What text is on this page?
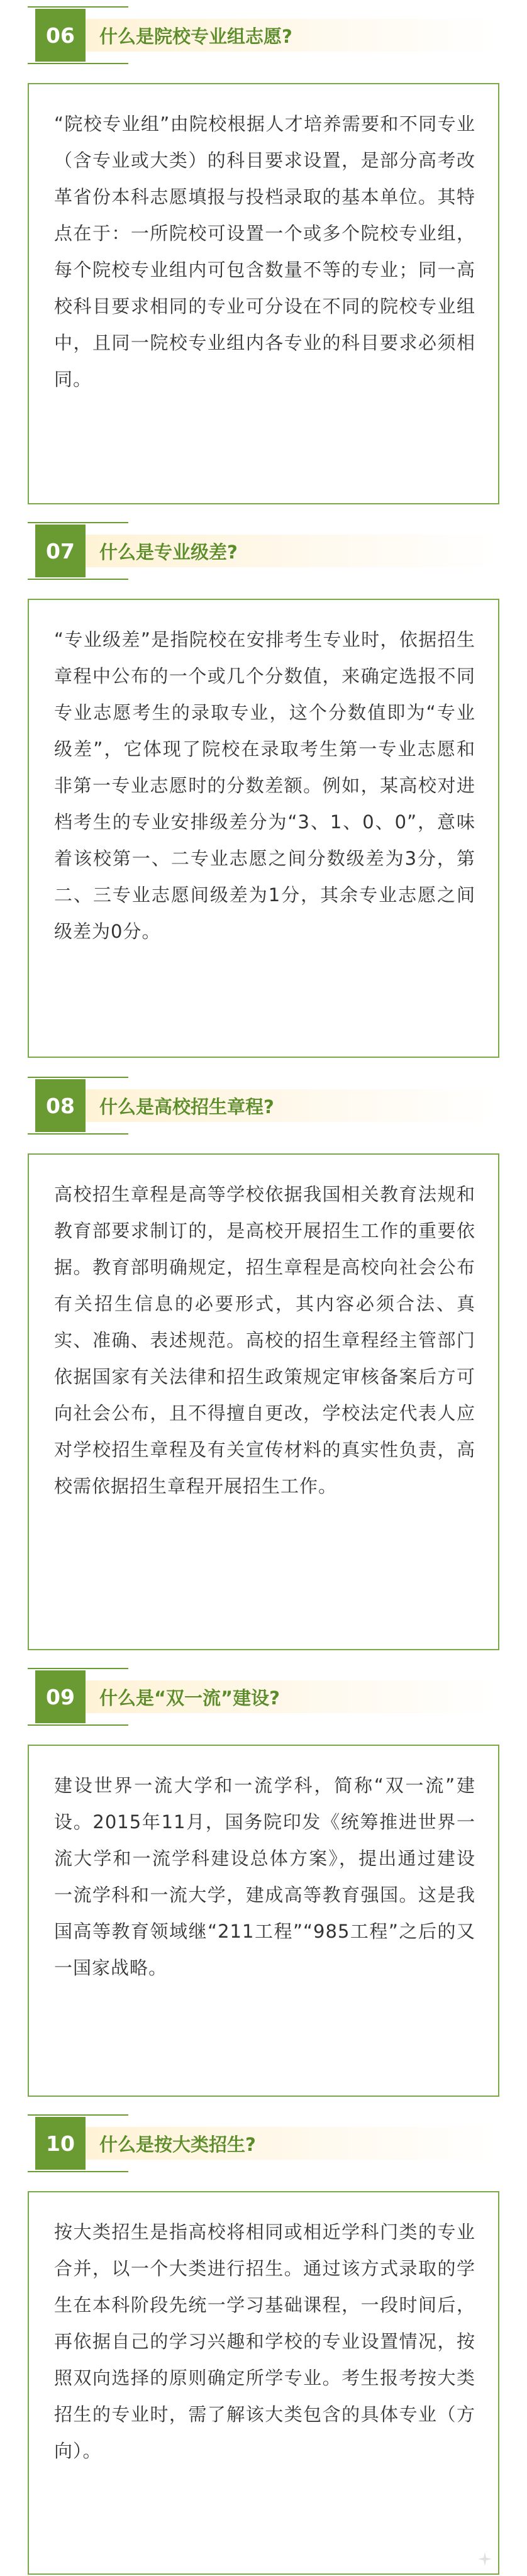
06	什么是院校专业组志愿?

“院校专业组”由院校根据人才培养需要和不同专业（含专业或大类）的科目要求设置，是部分高考改革省份本科志愿填报与投档录取的基本单位。其特点在于：一所院校可设置一个或多个院校专业组，每个院校专业组内可包含数量不等的专业；同一高校科目要求相同的专业可分设在不同的院校专业组中，且同一院校专业组内各专业的科目要求必须相同。

07	什么是专业级差?

“专业级差”是指院校在安排考生专业时，依据招生章程中公布的一个或几个分数值，来确定选报不同专业志愿考生的录取专业，这个分数值即为“专业级差”，它体现了院校在录取考生第一专业志愿和非第一专业志愿时的分数差额。例如，某高校对进档考生的专业安排级差分为“3、1、0、0”，意味着该校第一、二专业志愿之间分数级差为3分，第二、三专业志愿间级差为1分，其余专业志愿之间级差为0分。

08	什么是高校招生章程?

高校招生章程是高等学校依据我国相关教育法规和教育部要求制订的，是高校开展招生工作的重要依据。教育部明确规定，招生章程是高校向社会公布有关招生信息的必要形式，其内容必须合法、真实、准确、表述规范。高校的招生章程经主管部门依据国家有关法律和招生政策规定审核备案后方可向社会公布，且不得擅自更改，学校法定代表人应对学校招生章程及有关宣传材料的真实性负责，高校需依据招生章程开展招生工作。

09	什么是“双一流”建设?

建设世界一流大学和一流学科，简称“双一流”建设。2015年11月，国务院印发《统筹推进世界一流大学和一流学科建设总体方案》，提出通过建设一流学科和一流大学，建成高等教育强国。这是我国高等教育领域继“211工程”“985工程”之后的又一国家战略。

10	什么是按大类招生?

按大类招生是指高校将相同或相近学科门类的专业合并，以一个大类进行招生。通过该方式录取的学生在本科阶段先统一学习基础课程，一段时间后，再依据自己的学习兴趣和学校的专业设置情况，按照双向选择的原则确定所学专业。考生报考按大类招生的专业时，需了解该大类包含的具体专业（方向）。
